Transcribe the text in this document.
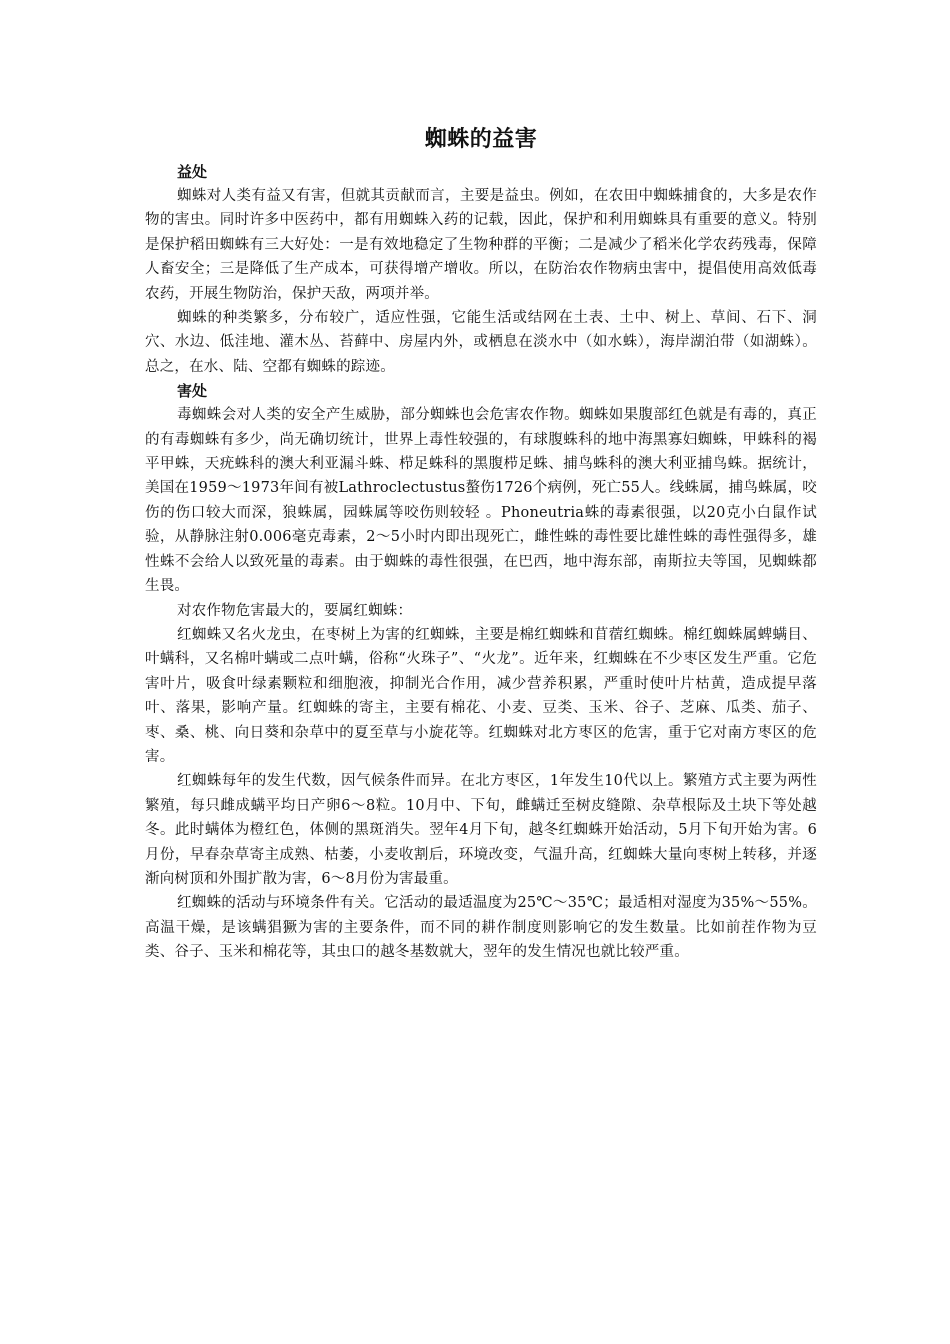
蜘蛛的益害

益处

蜘蛛对人类有益又有害，但就其贡献而言，主要是益虫。例如，在农田中蜘蛛捕食的，大多是农作物的害虫。同时许多中医药中，都有用蜘蛛入药的记载，因此，保护和利用蜘蛛具有重要的意义。特别是保护稻田蜘蛛有三大好处：一是有效地稳定了生物种群的平衡；二是减少了稻米化学农药残毒，保障人畜安全；三是降低了生产成本，可获得增产增收。所以，在防治农作物病虫害中，提倡使用高效低毒农药，开展生物防治，保护天敌，两项并举。

蜘蛛的种类繁多，分布较广，适应性强，它能生活或结网在土表、土中、树上、草间、石下、洞穴、水边、低洼地、灌木丛、苔藓中、房屋内外，或栖息在淡水中（如水蛛），海岸湖泊带（如湖蛛）。总之，在水、陆、空都有蜘蛛的踪迹。

害处

毒蜘蛛会对人类的安全产生威胁，部分蜘蛛也会危害农作物。蜘蛛如果腹部红色就是有毒的，真正的有毒蜘蛛有多少，尚无确切统计，世界上毒性较强的，有球腹蛛科的地中海黑寡妇蜘蛛，甲蛛科的褐平甲蛛，天疣蛛科的澳大利亚漏斗蛛、栉足蛛科的黑腹栉足蛛、捕鸟蛛科的澳大利亚捕鸟蛛。据统计，美国在1959～1973年间有被Lathroclectustus螯伤1726个病例，死亡55人。线蛛属，捕鸟蛛属，咬伤的伤口较大而深，狼蛛属，园蛛属等咬伤则较轻 。Phoneutria蛛的毒素很强，以20克小白鼠作试验，从静脉注射0.006毫克毒素，2～5小时内即出现死亡，雌性蛛的毒性要比雄性蛛的毒性强得多，雄性蛛不会给人以致死量的毒素。由于蜘蛛的毒性很强，在巴西，地中海东部，南斯拉夫等国，见蜘蛛都生畏。

对农作物危害最大的，要属红蜘蛛：

红蜘蛛又名火龙虫，在枣树上为害的红蜘蛛，主要是棉红蜘蛛和苜蓿红蜘蛛。棉红蜘蛛属蜱螨目、叶螨科，又名棉叶螨或二点叶螨，俗称“火珠子”、“火龙”。近年来，红蜘蛛在不少枣区发生严重。它危害叶片，吸食叶绿素颗粒和细胞液，抑制光合作用，减少营养积累，严重时使叶片枯黄，造成提早落叶、落果，影响产量。红蜘蛛的寄主，主要有棉花、小麦、豆类、玉米、谷子、芝麻、瓜类、茄子、枣、桑、桃、向日葵和杂草中的夏至草与小旋花等。红蜘蛛对北方枣区的危害，重于它对南方枣区的危害。

红蜘蛛每年的发生代数，因气候条件而异。在北方枣区，1年发生10代以上。繁殖方式主要为两性繁殖，每只雌成螨平均日产卵6～8粒。10月中、下旬，雌螨迁至树皮缝隙、杂草根际及土块下等处越冬。此时螨体为橙红色，体侧的黑斑消失。翌年4月下旬，越冬红蜘蛛开始活动，5月下旬开始为害。6月份，早春杂草寄主成熟、枯萎，小麦收割后，环境改变，气温升高，红蜘蛛大量向枣树上转移，并逐渐向树顶和外围扩散为害，6～8月份为害最重。

红蜘蛛的活动与环境条件有关。它活动的最适温度为25℃～35℃；最适相对湿度为35%～55%。高温干燥，是该螨猖獗为害的主要条件，而不同的耕作制度则影响它的发生数量。比如前茬作物为豆类、谷子、玉米和棉花等，其虫口的越冬基数就大，翌年的发生情况也就比较严重。
